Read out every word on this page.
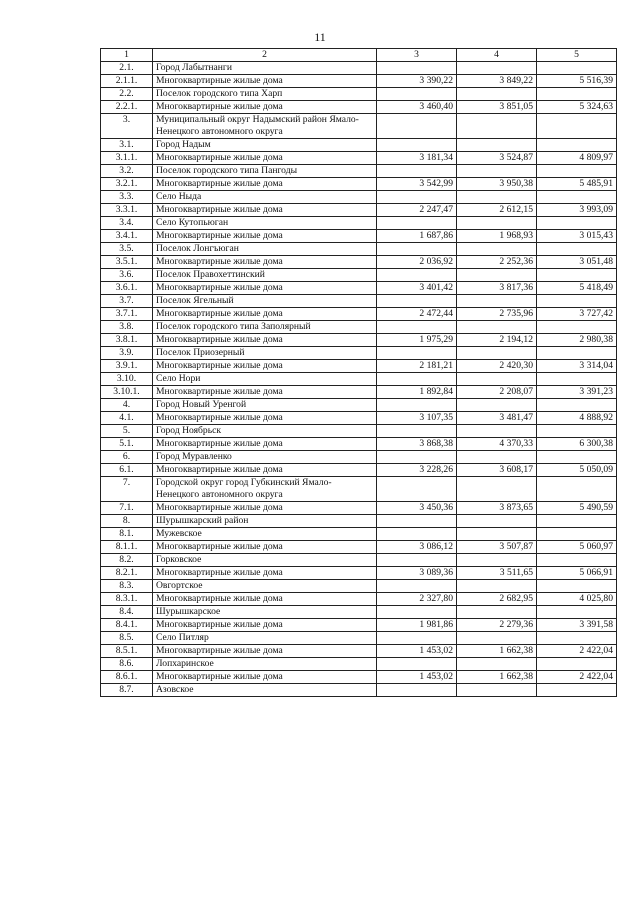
11
1	2	3	4	5
2.1.	Город Лабытнанги			
2.1.1.	Многоквартирные жилые дома	3 390,22	3 849,22	5 516,39
2.2.	Поселок городского типа Харп			
2.2.1.	Многоквартирные жилые дома	3 460,40	3 851,05	5 324,63
3.	Муниципальный округ Надымский район Ямало-Ненецкого автономного округа			
3.1.	Город Надым			
3.1.1.	Многоквартирные жилые дома	3 181,34	3 524,87	4 809,97
3.2.	Поселок городского типа Пангоды			
3.2.1.	Многоквартирные жилые дома	3 542,99	3 950,38	5 485,91
3.3.	Село Ныда			
3.3.1.	Многоквартирные жилые дома	2 247,47	2 612,15	3 993,09
3.4.	Село Кутопьюган			
3.4.1.	Многоквартирные жилые дома	1 687,86	1 968,93	3 015,43
3.5.	Поселок Лонгъюган			
3.5.1.	Многоквартирные жилые дома	2 036,92	2 252,36	3 051,48
3.6.	Поселок Правохеттинский			
3.6.1.	Многоквартирные жилые дома	3 401,42	3 817,36	5 418,49
3.7.	Поселок Ягельный			
3.7.1.	Многоквартирные жилые дома	2 472,44	2 735,96	3 727,42
3.8.	Поселок городского типа Заполярный			
3.8.1.	Многоквартирные жилые дома	1 975,29	2 194,12	2 980,38
3.9.	Поселок Приозерный			
3.9.1.	Многоквартирные жилые дома	2 181,21	2 420,30	3 314,04
3.10.	Село Нори			
3.10.1.	Многоквартирные жилые дома	1 892,84	2 208,07	3 391,23
4.	Город Новый Уренгой			
4.1.	Многоквартирные жилые дома	3 107,35	3 481,47	4 888,92
5.	Город Ноябрьск			
5.1.	Многоквартирные жилые дома	3 868,38	4 370,33	6 300,38
6.	Город Муравленко			
6.1.	Многоквартирные жилые дома	3 228,26	3 608,17	5 050,09
7.	Городской округ город Губкинский Ямало-Ненецкого автономного округа			
7.1.	Многоквартирные жилые дома	3 450,36	3 873,65	5 490,59
8.	Шурышкарский район			
8.1.	Мужевское			
8.1.1.	Многоквартирные жилые дома	3 086,12	3 507,87	5 060,97
8.2.	Горковское			
8.2.1.	Многоквартирные жилые дома	3 089,36	3 511,65	5 066,91
8.3.	Овгортское			
8.3.1.	Многоквартирные жилые дома	2 327,80	2 682,95	4 025,80
8.4.	Шурышкарское			
8.4.1.	Многоквартирные жилые дома	1 981,86	2 279,36	3 391,58
8.5.	Село Питляр			
8.5.1.	Многоквартирные жилые дома	1 453,02	1 662,38	2 422,04
8.6.	Лопхаринское			
8.6.1.	Многоквартирные жилые дома	1 453,02	1 662,38	2 422,04
8.7.	Азовское			
